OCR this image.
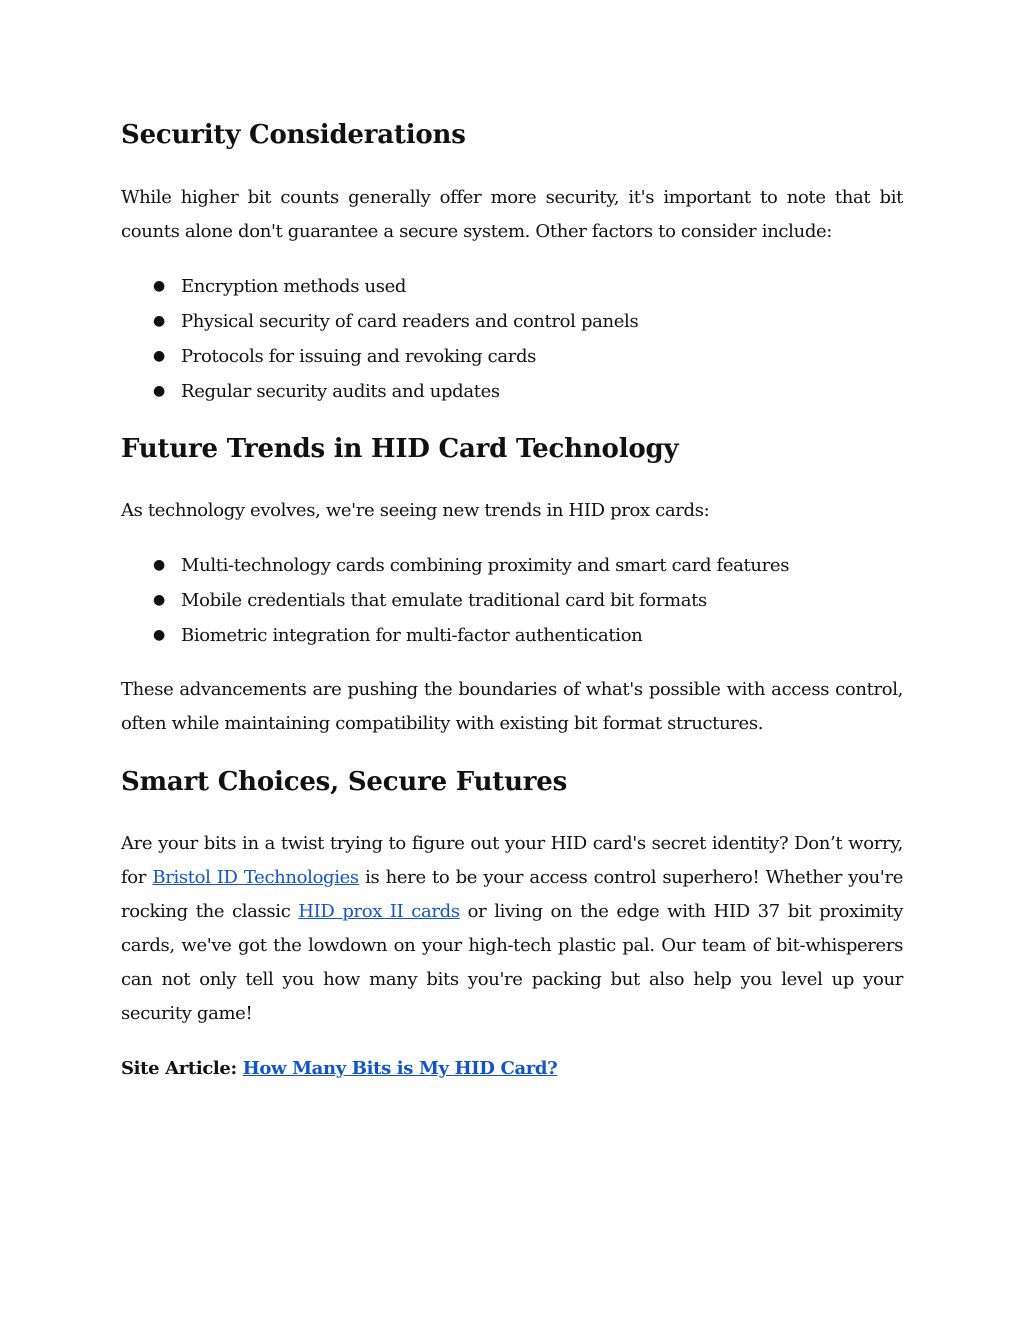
Security Considerations

While higher bit counts generally offer more security, it's important to note that bit counts alone don't guarantee a secure system. Other factors to consider include:

● Encryption methods used
● Physical security of card readers and control panels
● Protocols for issuing and revoking cards
● Regular security audits and updates
Future Trends in HID Card Technology

As technology evolves, we're seeing new trends in HID prox cards:

● Multi-technology cards combining proximity and smart card features
● Mobile credentials that emulate traditional card bit formats
● Biometric integration for multi-factor authentication

These advancements are pushing the boundaries of what's possible with access control, often while maintaining compatibility with existing bit format structures.

Smart Choices, Secure Futures

Are your bits in a twist trying to figure out your HID card's secret identity? Don’t worry, for Bristol ID Technologies is here to be your access control superhero! Whether you're rocking the classic HID prox II cards or living on the edge with HID 37 bit proximity cards, we've got the lowdown on your high-tech plastic pal. Our team of bit-whisperers can not only tell you how many bits you're packing but also help you level up your security game!

Site Article: How Many Bits is My HID Card?
